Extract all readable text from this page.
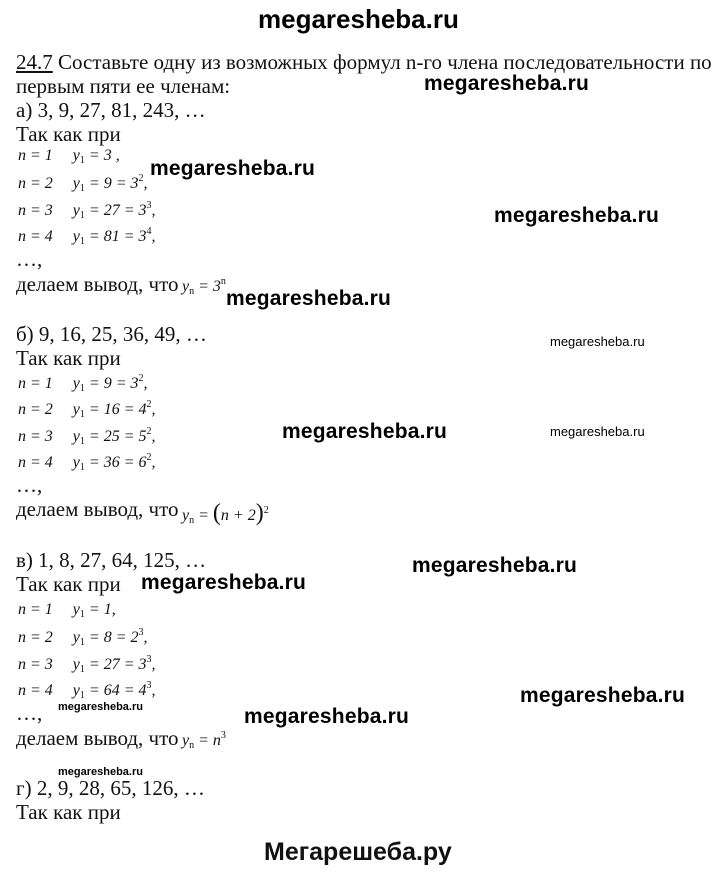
megaresheba.ru
24.7 Составьте одну из возможных формул n-го члена последовательности по
первым пяти ее членам:
а) 3, 9, 27, 81, 243, …
Так как при
n = 1 $y_1 = 3$ ,
n = 2 $y_1 = 9 = 3^2$,
n = 3 $y_1 = 27 = 3^3$,
n = 4 $y_1 = 81 = 3^4$,
…,
делаем вывод, что $y_n = 3^n$
б) 9, 16, 25, 36, 49, …
Так как при
n = 1 $y_1 = 9 = 3^2$,
n = 2 $y_1 = 16 = 4^2$,
n = 3 $y_1 = 25 = 5^2$,
n = 4 $y_1 = 36 = 6^2$,
…,
делаем вывод, что $y_n = (n + 2)^2$
в) 1, 8, 27, 64, 125, …
Так как при
n = 1 $y_1 = 1$,
n = 2 $y_1 = 8 = 2^3$,
n = 3 $y_1 = 27 = 3^3$,
n = 4 $y_1 = 64 = 4^3$,
…,
делаем вывод, что $y_n = n^3$
г) 2, 9, 28, 65, 126, …
Так как при
megaresheba.ru
megaresheba.ru
megaresheba.ru
megaresheba.ru
megaresheba.ru
megaresheba.ru	megaresheba.ru
megaresheba.ru
megaresheba.ru
megaresheba.ru
megaresheba.ru	megaresheba.ru
megaresheba.ru
Мегарешеба.ру
